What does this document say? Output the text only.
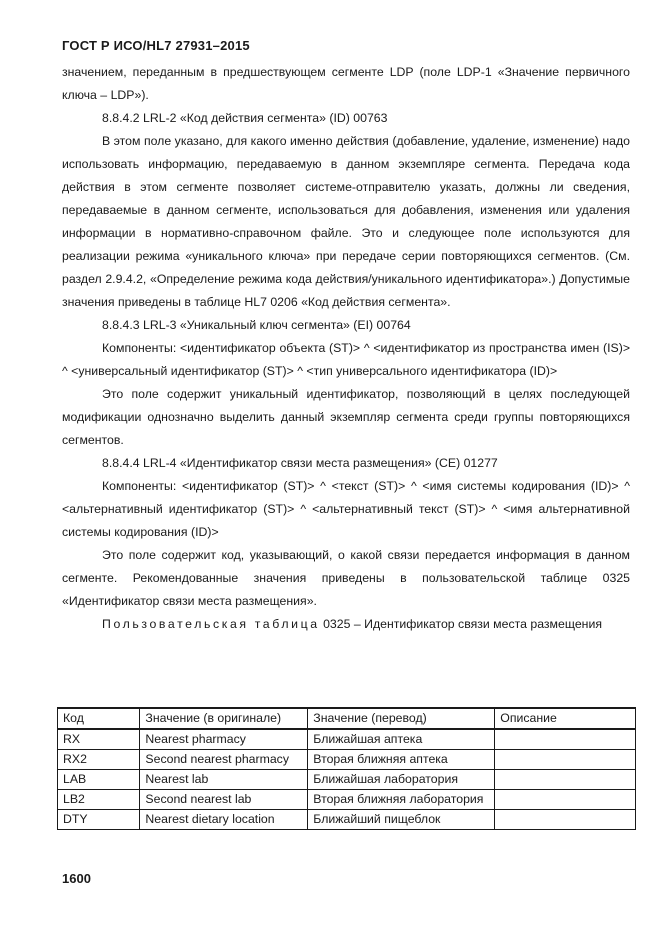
ГОСТ Р ИСО/HL7 27931–2015

значением, переданным в предшествующем сегменте LDP (поле LDP-1 «Значение первичного ключа – LDP»).

8.8.4.2 LRL-2 «Код действия сегмента» (ID) 00763

В этом поле указано, для какого именно действия (добавление, удаление, изменение) надо использовать информацию, передаваемую в данном экземпляре сегмента. Передача кода действия в этом сегменте позволяет системе-отправителю указать, должны ли сведения, передаваемые в данном сегменте, использоваться для добавления, изменения или удаления информации в нормативно-справочном файле. Это и следующее поле используются для реализации режима «уникального ключа» при передаче серии повторяющихся сегментов. (См. раздел 2.9.4.2, «Определение режима кода действия/уникального идентификатора».) Допустимые значения приведены в таблице HL7 0206 «Код действия сегмента».

8.8.4.3 LRL-3 «Уникальный ключ сегмента» (EI) 00764

Компоненты: <идентификатор объекта (ST)> ^ <идентификатор из пространства имен (IS)> ^ <универсальный идентификатор (ST)> ^ <тип универсального идентификатора (ID)>

Это поле содержит уникальный идентификатор, позволяющий в целях последующей модификации однозначно выделить данный экземпляр сегмента среди группы повторяющихся сегментов.

8.8.4.4 LRL-4 «Идентификатор связи места размещения» (CE) 01277

Компоненты: <идентификатор (ST)> ^ <текст (ST)> ^ <имя системы кодирования (ID)> ^ <альтернативный идентификатор (ST)> ^ <альтернативный текст (ST)> ^ <имя альтернативной системы кодирования (ID)>

Это поле содержит код, указывающий, о какой связи передается информация в данном сегменте. Рекомендованные значения приведены в пользовательской таблице 0325 «Идентификатор связи места размещения».

Пользовательская таблица 0325 – Идентификатор связи места размещения

Код	Значение (в оригинале)	Значение (перевод)	Описание
RX	Nearest pharmacy	Ближайшая аптека	
RX2	Second nearest pharmacy	Вторая ближняя аптека	
LAB	Nearest lab	Ближайшая лаборатория	
LB2	Second nearest lab	Вторая ближняя лаборатория	
DTY	Nearest dietary location	Ближайший пищеблок	
1600
